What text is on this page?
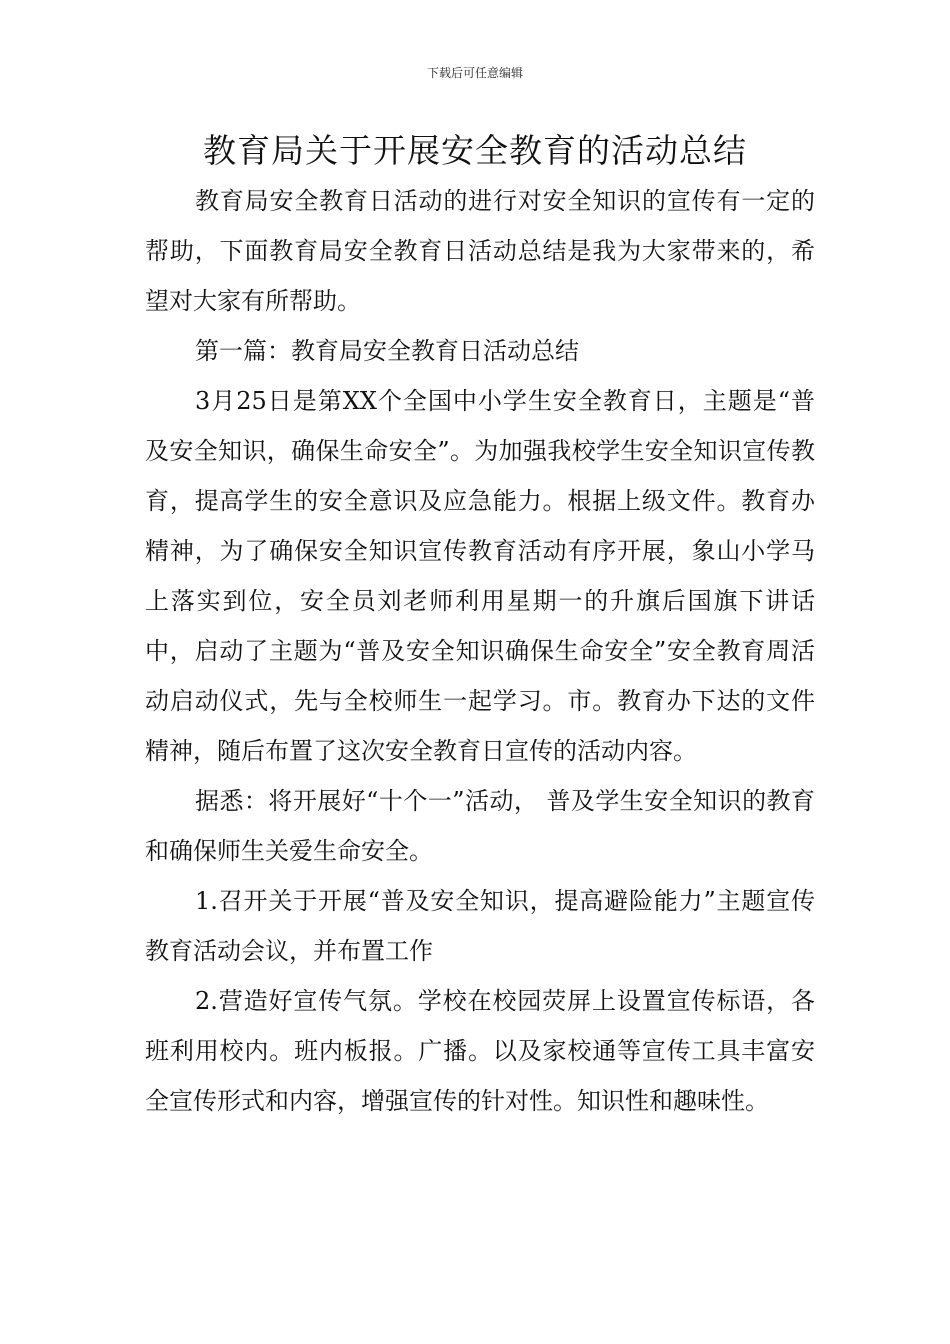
下载后可任意编辑
教育局关于开展安全教育的活动总结

教育局安全教育日活动的进行对安全知识的宣传有一定的帮助，下面教育局安全教育日活动总结是我为大家带来的，希望对大家有所帮助。

第一篇：教育局安全教育日活动总结

3月25日是第XX个全国中小学生安全教育日，主题是“普及安全知识，确保生命安全”。为加强我校学生安全知识宣传教育，提高学生的安全意识及应急能力。根据上级文件。教育办精神，为了确保安全知识宣传教育活动有序开展，象山小学马上落实到位，安全员刘老师利用星期一的升旗后国旗下讲话中，启动了主题为“普及安全知识确保生命安全”安全教育周活动启动仪式，先与全校师生一起学习。市。教育办下达的文件精神，随后布置了这次安全教育日宣传的活动内容。

据悉：将开展好“十个一”活动， 普及学生安全知识的教育和确保师生关爱生命安全。

1.召开关于开展“普及安全知识，提高避险能力”主题宣传教育活动会议，并布置工作

2.营造好宣传气氛。学校在校园荧屏上设置宣传标语，各班利用校内。班内板报。广播。以及家校通等宣传工具丰富安全宣传形式和内容，增强宣传的针对性。知识性和趣味性。
